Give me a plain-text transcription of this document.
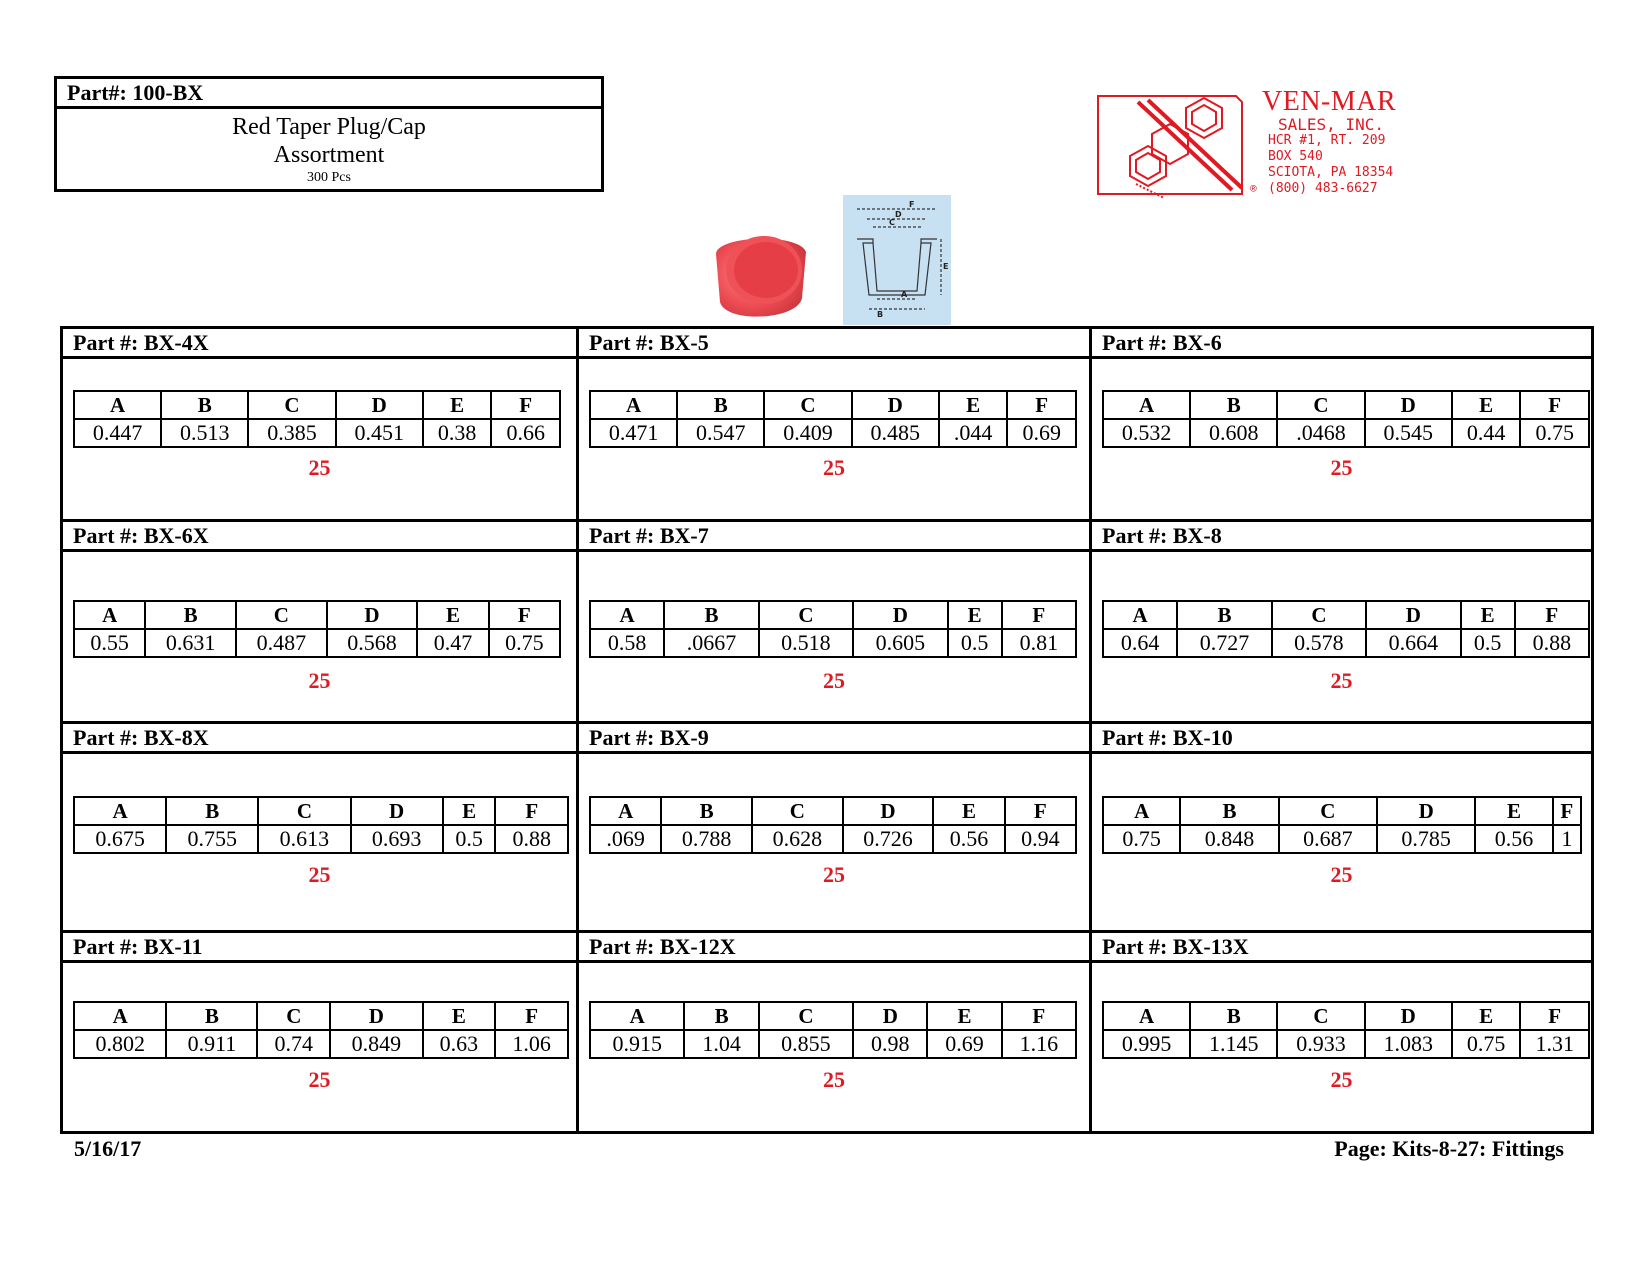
Part#: 100-BX
Red Taper Plug/Cap
Assortment
300 Pcs
VEN-MAR
SALES, INC.
HCR #1, RT. 209
BOX 540
SCIOTA, PA 18354
(800) 483-6627
®
F
D
C
E
A
B
Part #: BX-4X
A	B	C	D	E	F
0.447	0.513	0.385	0.451	0.38	0.66
25
Part #: BX-5
A	B	C	D	E	F
0.471	0.547	0.409	0.485	.044	0.69
25
Part #: BX-6
A	B	C	D	E	F
0.532	0.608	.0468	0.545	0.44	0.75
25
Part #: BX-6X
A	B	C	D	E	F
0.55	0.631	0.487	0.568	0.47	0.75
25
Part #: BX-7
A	B	C	D	E	F
0.58	.0667	0.518	0.605	0.5	0.81
25
Part #: BX-8
A	B	C	D	E	F
0.64	0.727	0.578	0.664	0.5	0.88
25
Part #: BX-8X
A	B	C	D	E	F
0.675	0.755	0.613	0.693	0.5	0.88
25
Part #: BX-9
A	B	C	D	E	F
.069	0.788	0.628	0.726	0.56	0.94
25
Part #: BX-10
A	B	C	D	E	F
0.75	0.848	0.687	0.785	0.56	1
25
Part #: BX-11
A	B	C	D	E	F
0.802	0.911	0.74	0.849	0.63	1.06
25
Part #: BX-12X
A	B	C	D	E	F
0.915	1.04	0.855	0.98	0.69	1.16
25
Part #: BX-13X
A	B	C	D	E	F
0.995	1.145	0.933	1.083	0.75	1.31
25
5/16/17	Page: Kits-8-27: Fittings
